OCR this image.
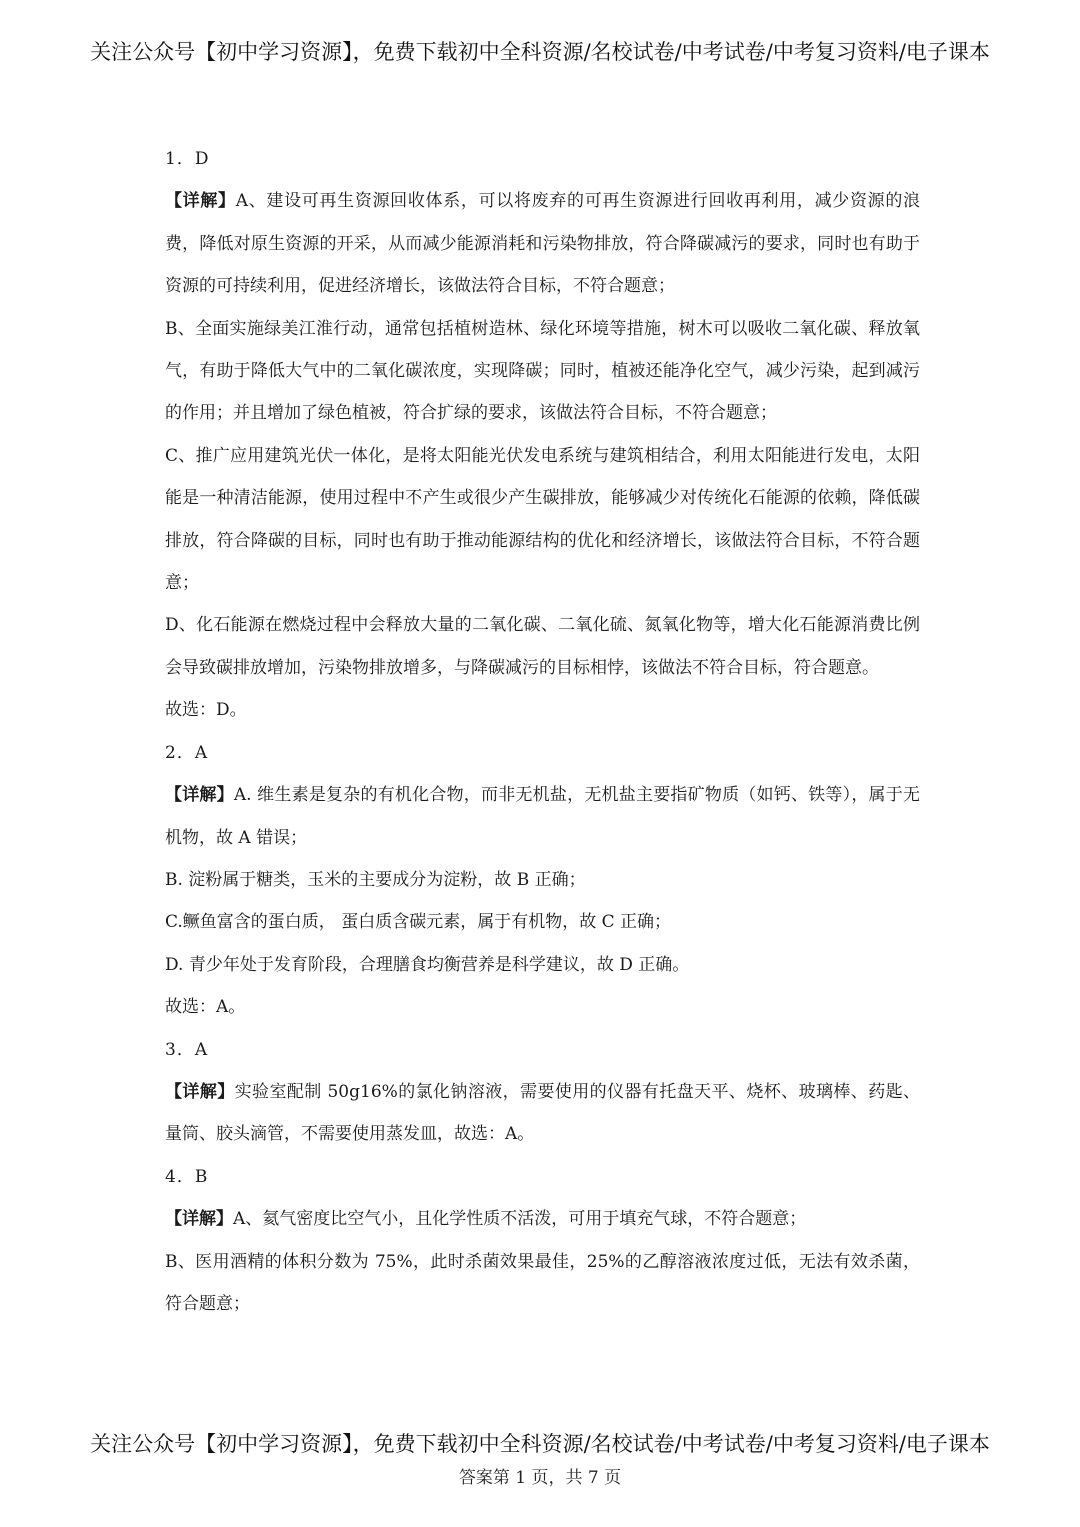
关注公众号【初中学习资源】，免费下载初中全科资源/名校试卷/中考试卷/中考复习资料/电子课本

1．D

【详解】A、建设可再生资源回收体系，可以将废弃的可再生资源进行回收再利用，减少资源的浪费，降低对原生资源的开采，从而减少能源消耗和污染物排放，符合降碳减污的要求，同时也有助于资源的可持续利用，促进经济增长，该做法符合目标，不符合题意；

B、全面实施绿美江淮行动，通常包括植树造林、绿化环境等措施，树木可以吸收二氧化碳、释放氧气，有助于降低大气中的二氧化碳浓度，实现降碳；同时，植被还能净化空气，减少污染，起到减污的作用；并且增加了绿色植被，符合扩绿的要求，该做法符合目标，不符合题意；

C、推广应用建筑光伏一体化，是将太阳能光伏发电系统与建筑相结合，利用太阳能进行发电，太阳能是一种清洁能源，使用过程中不产生或很少产生碳排放，能够减少对传统化石能源的依赖，降低碳排放，符合降碳的目标，同时也有助于推动能源结构的优化和经济增长，该做法符合目标，不符合题意；

D、化石能源在燃烧过程中会释放大量的二氧化碳、二氧化硫、氮氧化物等，增大化石能源消费比例会导致碳排放增加，污染物排放增多，与降碳减污的目标相悖，该做法不符合目标，符合题意。

故选：D。

2．A

【详解】A. 维生素是复杂的有机化合物，而非无机盐，无机盐主要指矿物质（如钙、铁等），属于无机物，故 A 错误；

B. 淀粉属于糖类，玉米的主要成分为淀粉，故 B 正确；

C.鳜鱼富含的蛋白质， 蛋白质含碳元素，属于有机物，故 C 正确；

D. 青少年处于发育阶段，合理膳食均衡营养是科学建议，故 D 正确。

故选：A。

3．A

【详解】实验室配制 50g16%的氯化钠溶液，需要使用的仪器有托盘天平、烧杯、玻璃棒、药匙、量筒、胶头滴管，不需要使用蒸发皿，故选：A。

4．B

【详解】A、氦气密度比空气小，且化学性质不活泼，可用于填充气球，不符合题意；

B、医用酒精的体积分数为 75%，此时杀菌效果最佳，25%的乙醇溶液浓度过低，无法有效杀菌，符合题意；

关注公众号【初中学习资源】，免费下载初中全科资源/名校试卷/中考试卷/中考复习资料/电子课本
答案第 1 页，共 7 页
